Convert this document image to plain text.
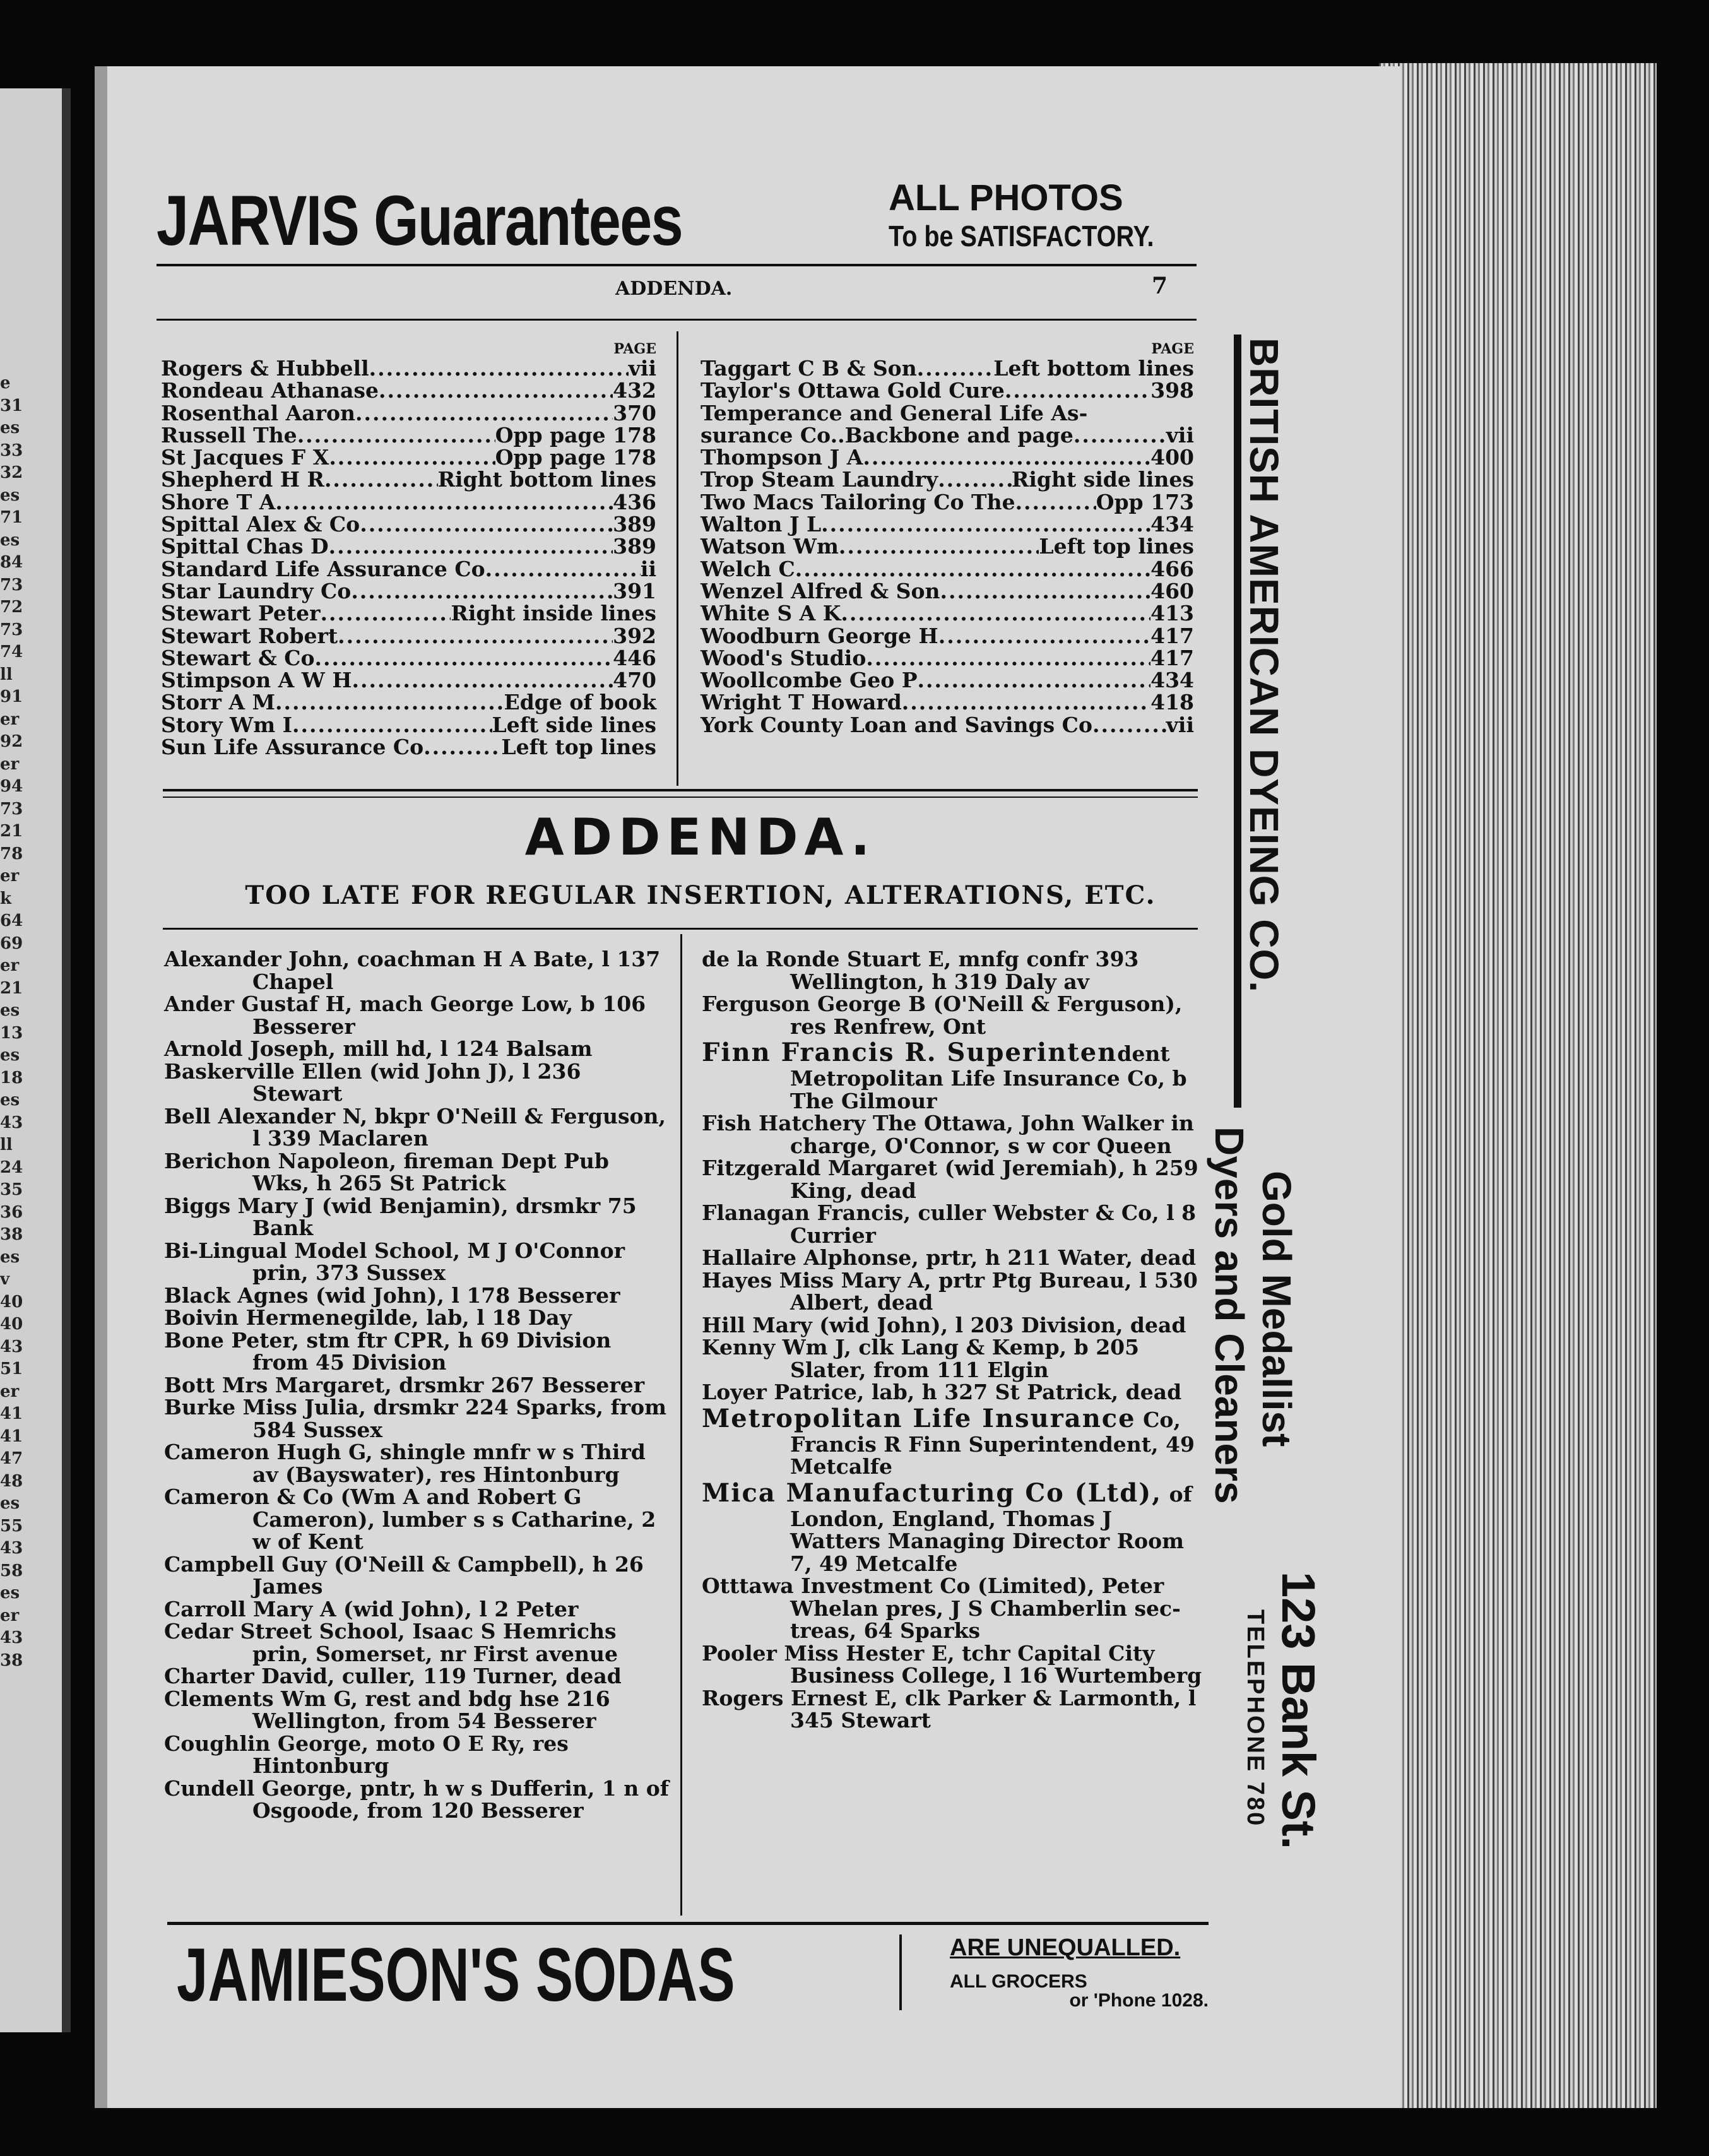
e
31
es
33
32
es
71
es
84
73
72
73
74
ll
91
er
92
er
94
73
21
78
er
k
64
69
er
21
es
13
es
18
es
43
ll
24
35
36
38
es
v
40
40
43
51
er
41
41
47
48
es
55
43
58
es
er
43
38
JARVIS Guarantees	ALL PHOTOS
To be SATISFACTORY.
ADDENDA.	7
PAGE
Rogers & Hubbell .....	vii
Rondeau Athanase .....	432
Rosenthal Aaron .....	370
Russell The .....	Opp page 178
St Jacques F X .....	Opp page 178
Shepherd H R .....	Right bottom lines
Shore T A .....	436
Spittal Alex & Co .....	389
Spittal Chas D .....	389
Standard Life Assurance Co .....	ii
Star Laundry Co .....	391
Stewart Peter .....	Right inside lines
Stewart Robert .....	392
Stewart & Co .....	446
Stimpson A W H .....	470
Storr A M .....	Edge of book
Story Wm I .....	Left side lines
Sun Life Assurance Co .....	Left top lines
PAGE
Taggart C B & Son .....	Left bottom lines
Taylor's Ottawa Gold Cure .....	398
Temperance and General Life As-
surance Co..Backbone and page .....	vii
Thompson J A .....	400
Trop Steam Laundry .....	Right side lines
Two Macs Tailoring Co The .....	Opp 173
Walton J L .....	434
Watson Wm .....	Left top lines
Welch C .....	466
Wenzel Alfred & Son .....	460
White S A K .....	413
Woodburn George H .....	417
Wood's Studio .....	417
Woollcombe Geo P .....	434
Wright T Howard .....	418
York County Loan and Savings Co .....	vii
ADDENDA.
TOO LATE FOR REGULAR INSERTION, ALTERATIONS, ETC.
Alexander John, coachman H A Bate, l 137 Chapel
Ander Gustaf H, mach George Low, b 106 Besserer
Arnold Joseph, mill hd, l 124 Balsam
Baskerville Ellen (wid John J), l 236 Stewart
Bell Alexander N, bkpr O'Neill & Ferguson, l 339 Maclaren
Berichon Napoleon, fireman Dept Pub Wks, h 265 St Patrick
Biggs Mary J (wid Benjamin), drsmkr 75 Bank
Bi-Lingual Model School, M J O'Connor prin, 373 Sussex
Black Agnes (wid John), l 178 Besserer
Boivin Hermenegilde, lab, l 18 Day
Bone Peter, stm ftr CPR, h 69 Division from 45 Division
Bott Mrs Margaret, drsmkr 267 Besserer
Burke Miss Julia, drsmkr 224 Sparks, from 584 Sussex
Cameron Hugh G, shingle mnfr w s Third av (Bayswater), res Hintonburg
Cameron & Co (Wm A and Robert G Cameron), lumber s s Catharine, 2 w of Kent
Campbell Guy (O'Neill & Campbell), h 26 James
Carroll Mary A (wid John), l 2 Peter
Cedar Street School, Isaac S Hemrichs prin, Somerset, nr First avenue
Charter David, culler, 119 Turner, dead
Clements Wm G, rest and bdg hse 216 Wellington, from 54 Besserer
Coughlin George, moto O E Ry, res Hintonburg
Cundell George, pntr, h w s Dufferin, 1 n of Osgoode, from 120 Besserer
de la Ronde Stuart E, mnfg confr 393 Wellington, h 319 Daly av
Ferguson George B (O'Neill & Ferguson), res Renfrew, Ont
Finn Francis R. Superintendent Metropolitan Life Insurance Co, b The Gilmour
Fish Hatchery The Ottawa, John Walker in charge, O'Connor, s w cor Queen
Fitzgerald Margaret (wid Jeremiah), h 259 King, dead
Flanagan Francis, culler Webster & Co, l 8 Currier
Hallaire Alphonse, prtr, h 211 Water, dead
Hayes Miss Mary A, prtr Ptg Bureau, l 530 Albert, dead
Hill Mary (wid John), l 203 Division, dead
Kenny Wm J, clk Lang & Kemp, b 205 Slater, from 111 Elgin
Loyer Patrice, lab, h 327 St Patrick, dead
Metropolitan Life Insurance Co, Francis R Finn Superintendent, 49 Metcalfe
Mica Manufacturing Co (Ltd), of London, England, Thomas J Watters Managing Director Room 7, 49 Metcalfe
Otttawa Investment Co (Limited), Peter Whelan pres, J S Chamberlin sec-treas, 64 Sparks
Pooler Miss Hester E, tchr Capital City Business College, l 16 Wurtemberg
Rogers Ernest E, clk Parker & Larmonth, l 345 Stewart
BRITISH AMERICAN DYEING CO.
Dyers and Cleaners Gold Medallist
TELEPHONE 780 123 Bank St.
JAMIESON'S SODAS	ARE UNEQUALLED.
ALL GROCERS
or 'Phone 1028.
